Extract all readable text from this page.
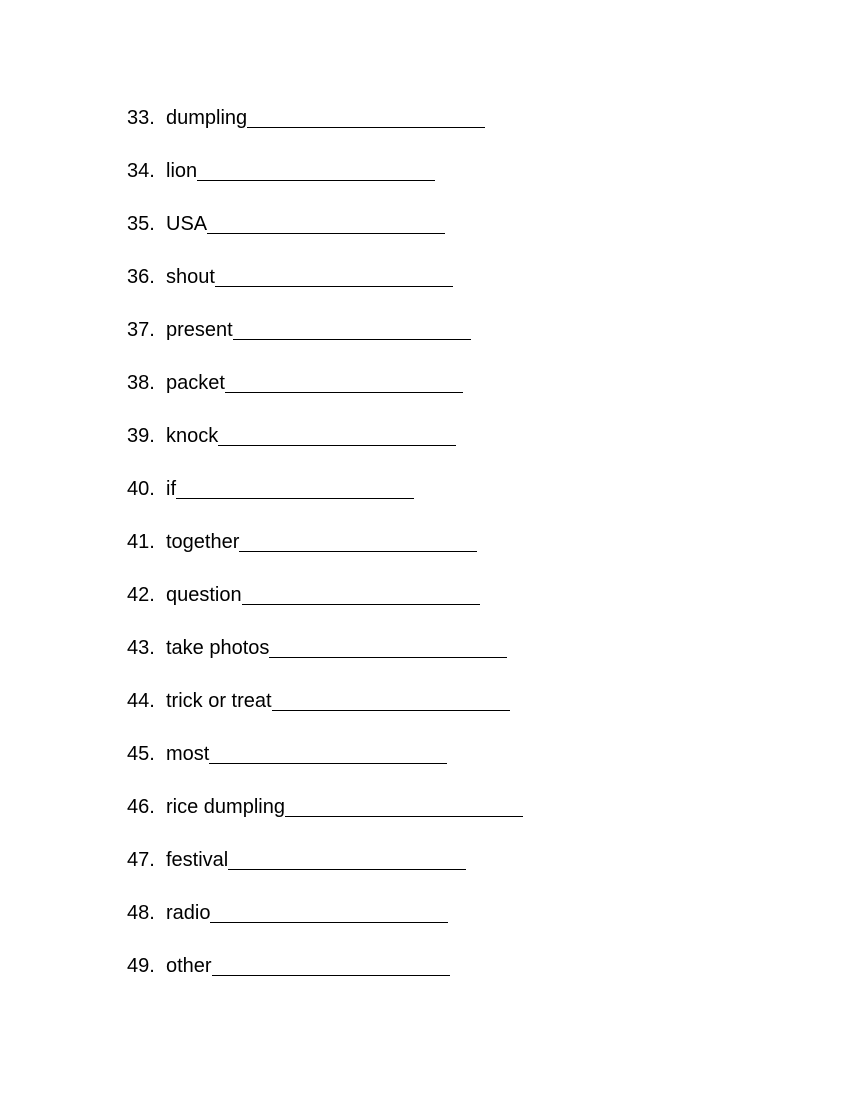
33. dumpling
34. lion
35. USA
36. shout
37. present
38. packet
39. knock
40. if
41. together
42. question
43. take photos
44. trick or treat
45. most
46. rice dumpling
47. festival
48. radio
49. other
